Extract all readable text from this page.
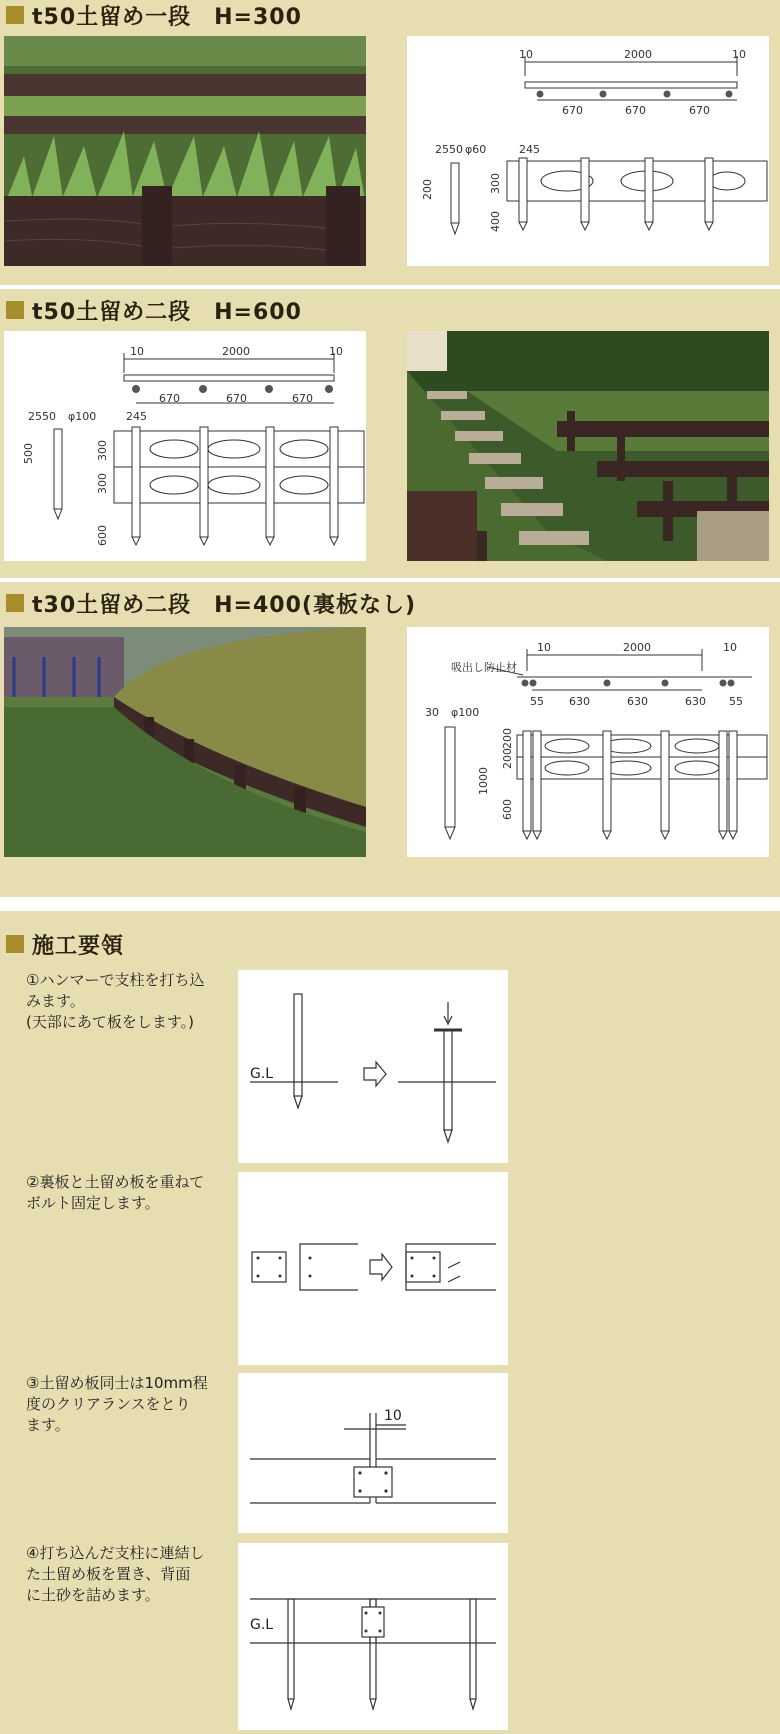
t50土留め一段　H=300
10	2000	10
670	670	670
25 50 φ60	245
200	300
400
t50土留め二段　H=600
10	2000	10
670	670	670
25 50 φ100	245
500	300
300
600
t30土留め二段　H=400(裏板なし)
10	2000	10
吸出し防止材
55 630	630	630 55
30 φ100
200
200
1000
600
施工要領
①ハンマーで支柱を打ち込
みます。
(天部にあて板をします。)
G.L
②裏板と土留め板を重ねて
ボルト固定します。
③土留め板同士は10mm程
度のクリアランスをとり
ます。	10
④打ち込んだ支柱に連結し
た土留め板を置き、背面
に土砂を詰めます。
G.L
